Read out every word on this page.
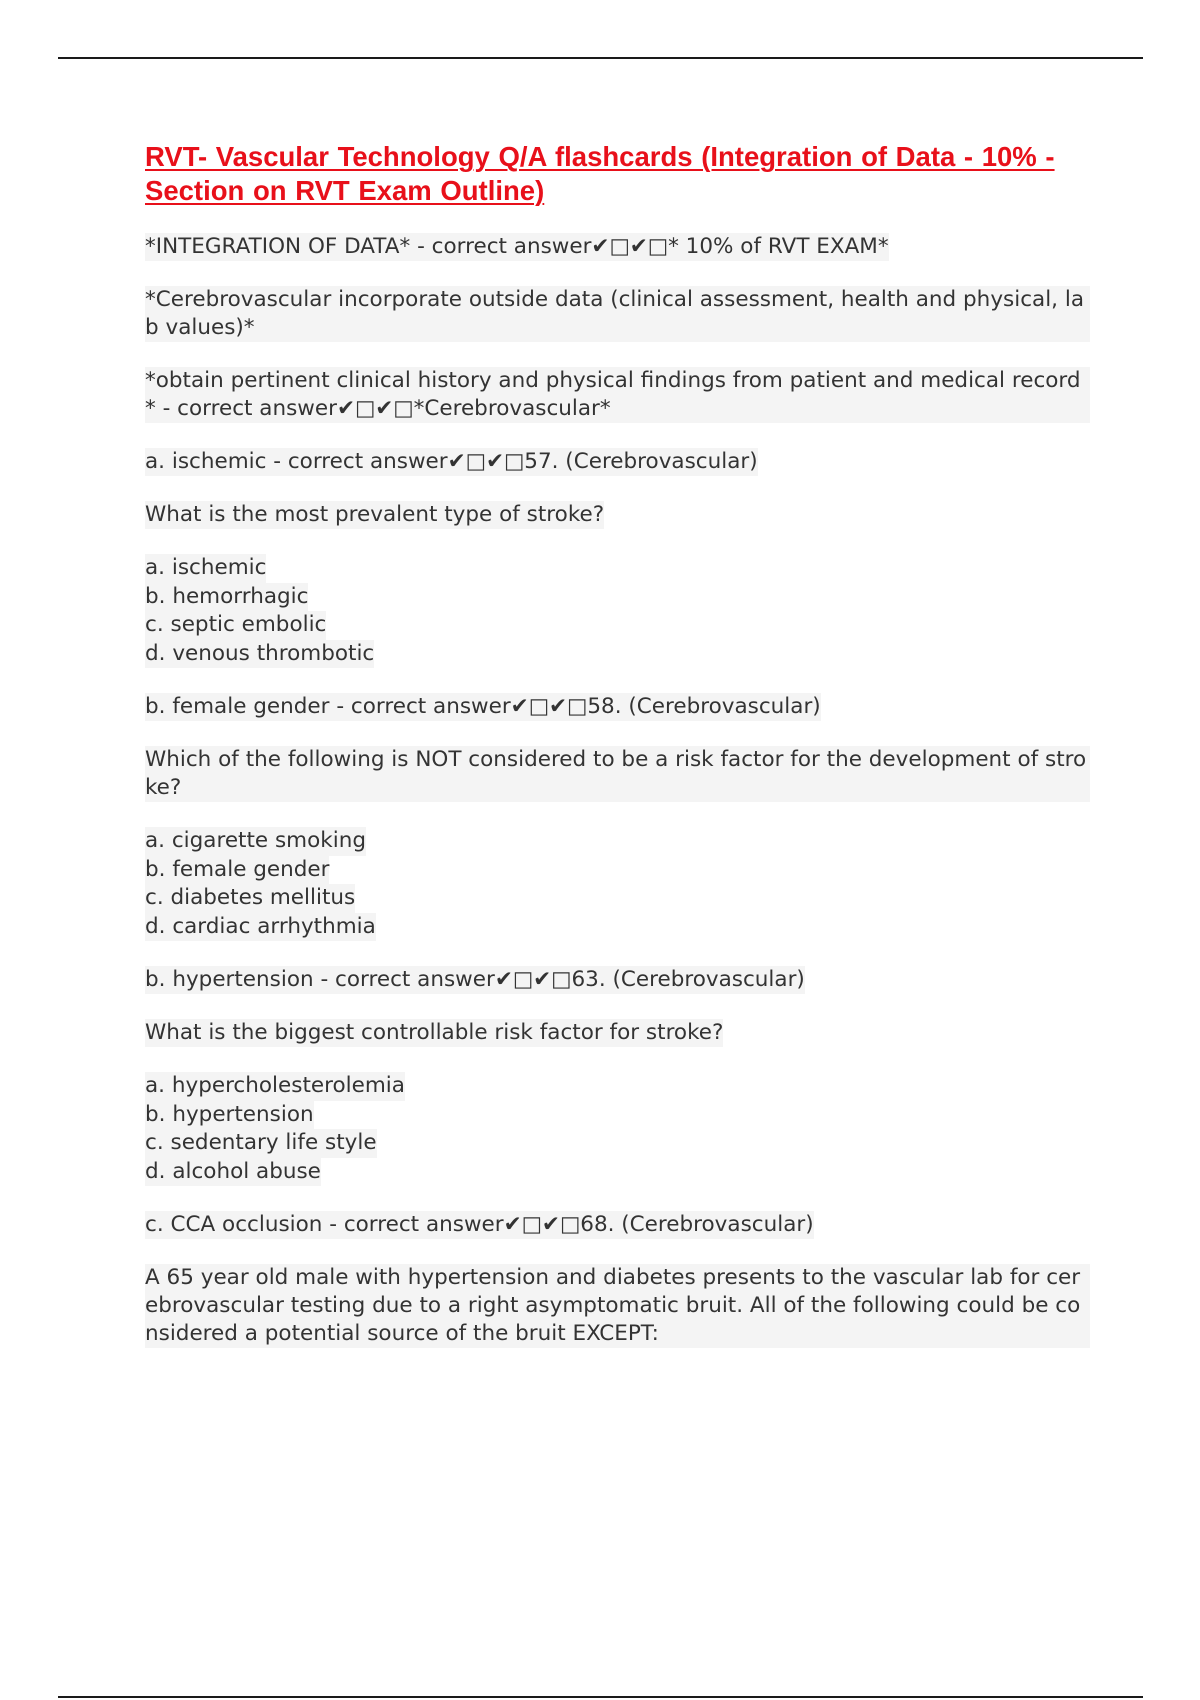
RVT- Vascular Technology Q/A flashcards (Integration of Data - 10% - Section on RVT Exam Outline)
*INTEGRATION OF DATA* - correct answer✔□✔□* 10% of RVT EXAM*
*Cerebrovascular incorporate outside data (clinical assessment, health and physical, lab values)*
*obtain pertinent clinical history and physical findings from patient and medical record* - correct answer✔□✔□*Cerebrovascular*
a. ischemic - correct answer✔□✔□57. (Cerebrovascular)
What is the most prevalent type of stroke?
a. ischemic
b. hemorrhagic
c. septic embolic
d. venous thrombotic
b. female gender - correct answer✔□✔□58. (Cerebrovascular)
Which of the following is NOT considered to be a risk factor for the development of stroke?
a. cigarette smoking
b. female gender
c. diabetes mellitus
d. cardiac arrhythmia
b. hypertension - correct answer✔□✔□63. (Cerebrovascular)
What is the biggest controllable risk factor for stroke?
a. hypercholesterolemia
b. hypertension
c. sedentary life style
d. alcohol abuse
c. CCA occlusion - correct answer✔□✔□68. (Cerebrovascular)
A 65 year old male with hypertension and diabetes presents to the vascular lab for cerebrovascular testing due to a right asymptomatic bruit. All of the following could be considered a potential source of the bruit EXCEPT:
